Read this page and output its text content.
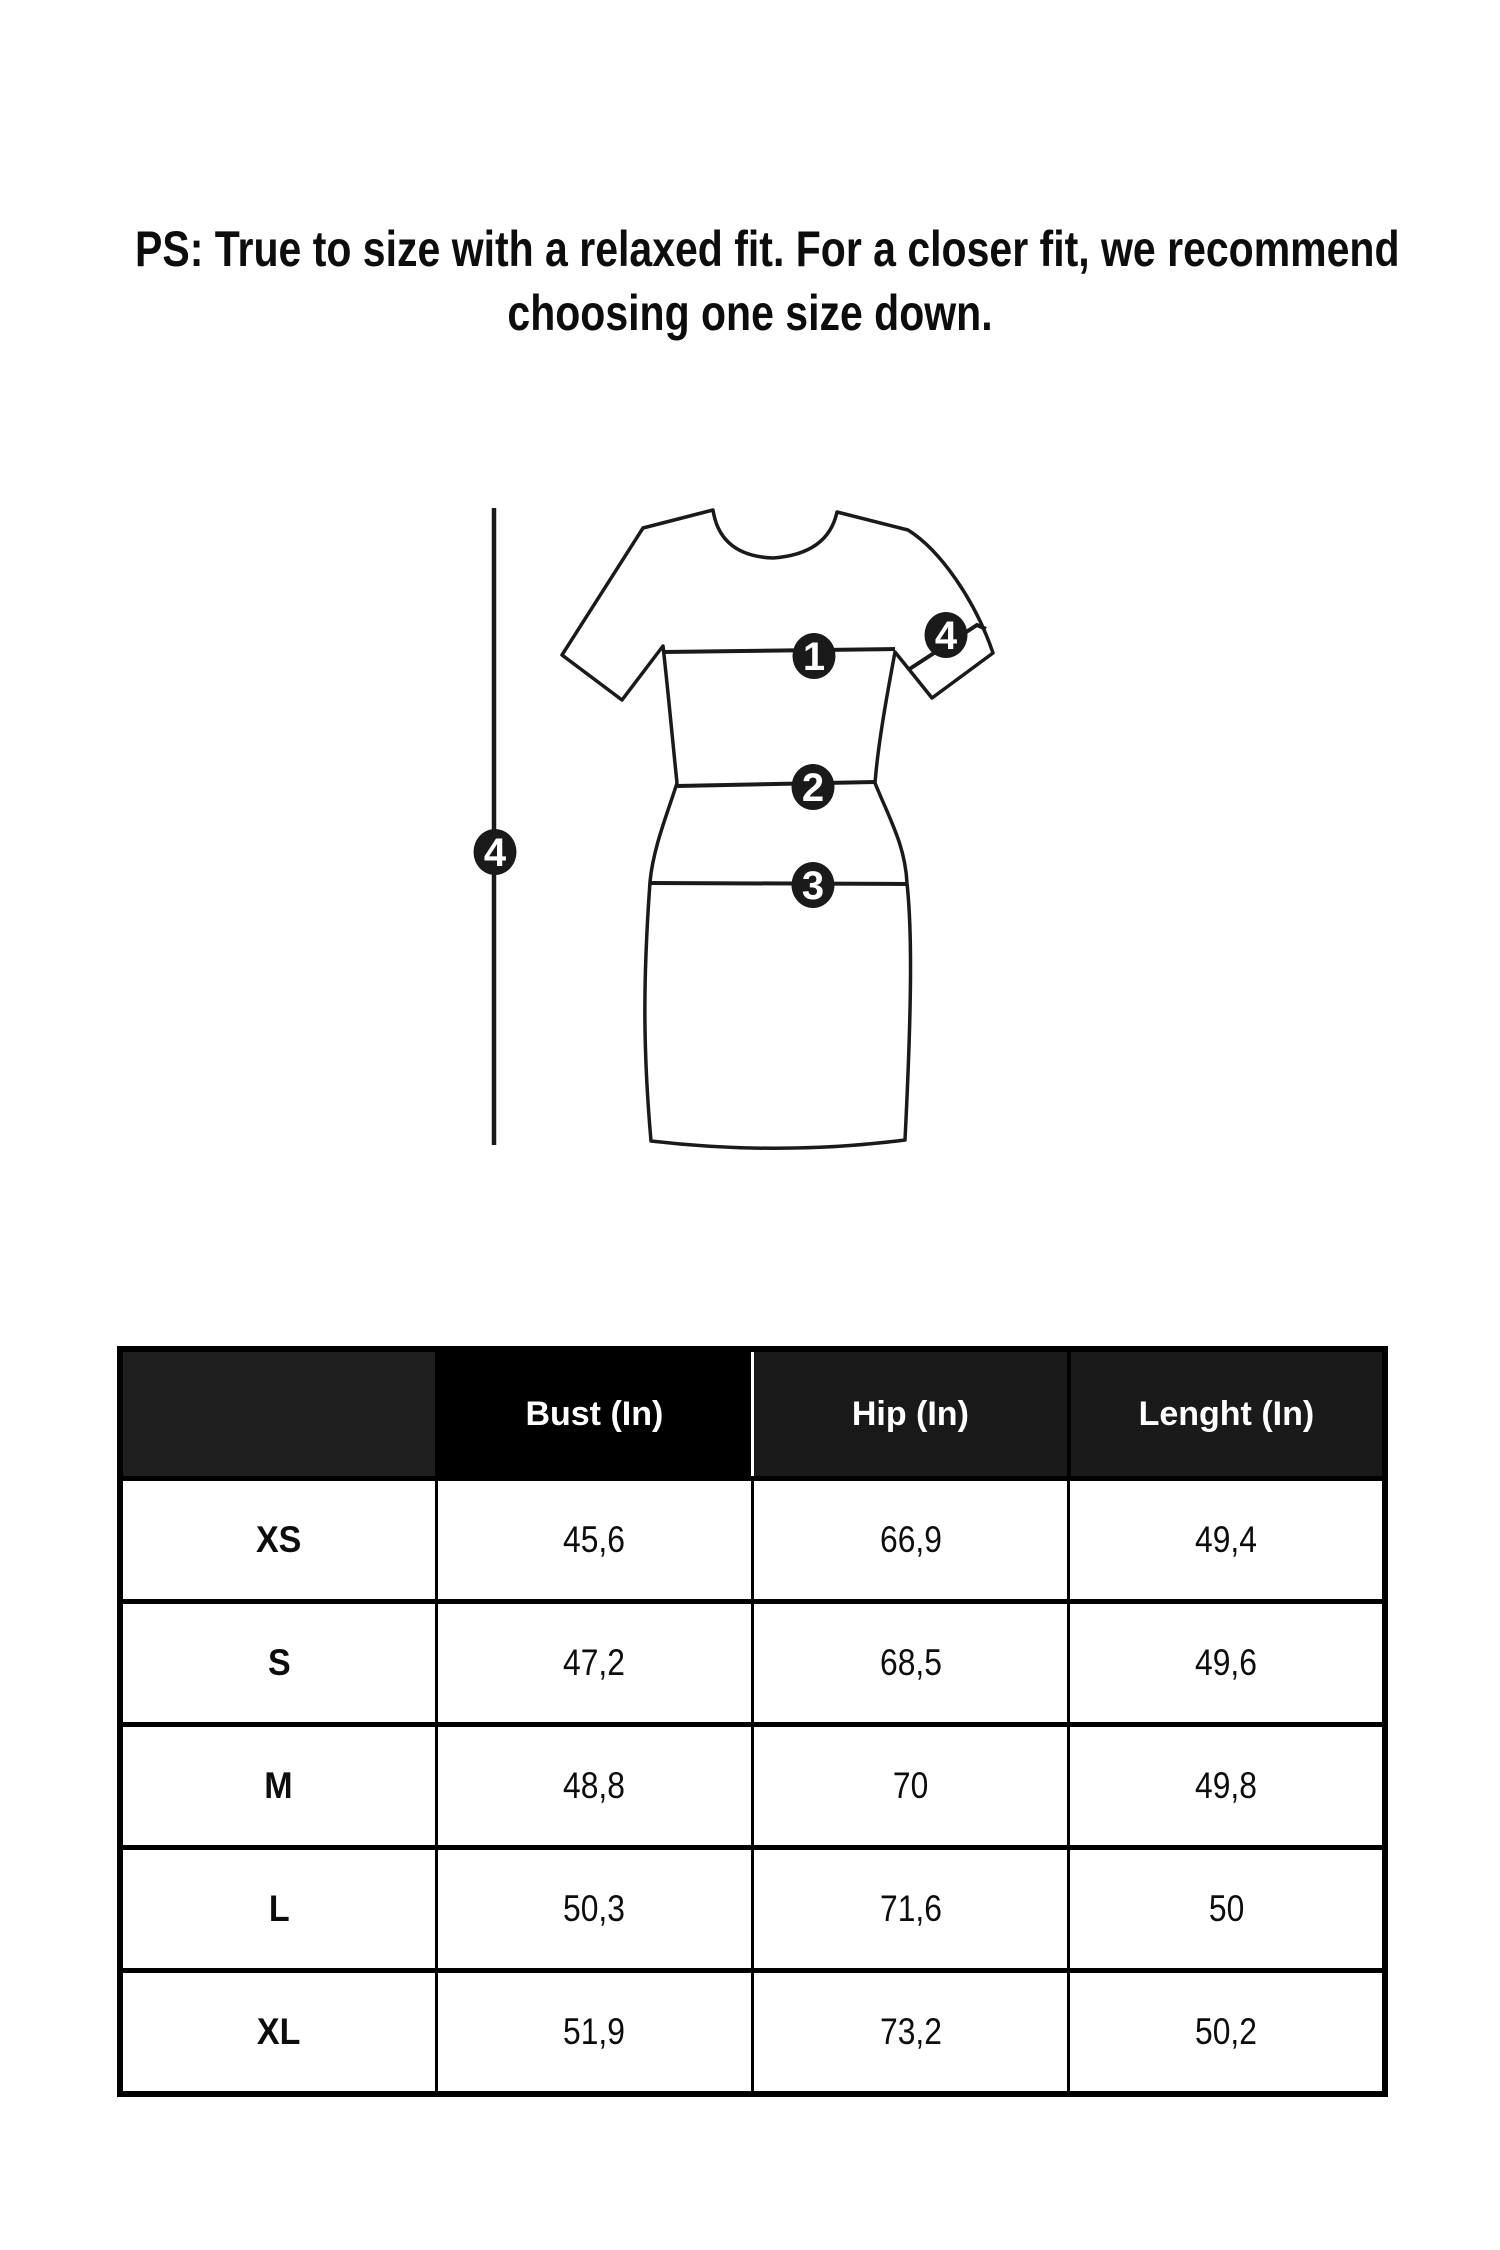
PS: True to size with a relaxed fit. For a closer fit, we recommend
choosing one size down.
1
2
3
4
4
	Bust (In)	Hip (In)	Lenght (In)
XS	45,6	66,9	49,4
S	47,2	68,5	49,6
M	48,8	70	49,8
L	50,3	71,6	50
XL	51,9	73,2	50,2
